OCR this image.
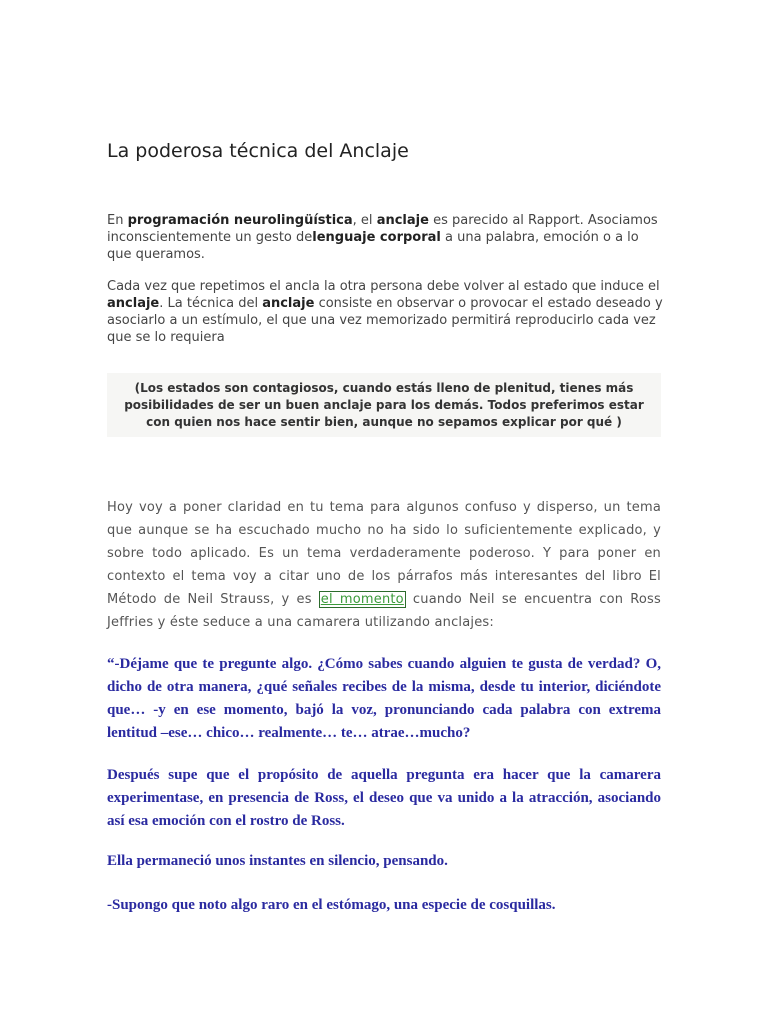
La poderosa técnica del Anclaje

En programación neurolingüística, el anclaje es parecido al Rapport. Asociamos inconscientemente un gesto delenguaje corporal a una palabra, emoción o a lo que queramos.

Cada vez que repetimos el ancla la otra persona debe volver al estado que induce el anclaje. La técnica del anclaje consiste en observar o provocar el estado deseado y asociarlo a un estímulo, el que una vez memorizado permitirá reproducirlo cada vez que se lo requiera

(Los estados son contagiosos, cuando estás lleno de plenitud, tienes más posibilidades de ser un buen anclaje para los demás. Todos preferimos estar con quien nos hace sentir bien, aunque no sepamos explicar por qué )

Hoy voy a poner claridad en tu tema para algunos confuso y disperso, un tema que aunque se ha escuchado mucho no ha sido lo suficientemente explicado, y sobre todo aplicado. Es un tema verdaderamente poderoso. Y para poner en contexto el tema voy a citar uno de los párrafos más interesantes del libro El Método de Neil Strauss, y es el momento cuando Neil se encuentra con Ross Jeffries y éste seduce a una camarera utilizando anclajes:

“-Déjame que te pregunte algo. ¿Cómo sabes cuando alguien te gusta de verdad? O, dicho de otra manera, ¿qué señales recibes de la misma, desde tu interior, diciéndote que… -y en ese momento, bajó la voz, pronunciando cada palabra con extrema lentitud –ese… chico… realmente… te… atrae…mucho?

Después supe que el propósito de aquella pregunta era hacer que la camarera experimentase, en presencia de Ross, el deseo que va unido a la atracción, asociando así esa emoción con el rostro de Ross.

Ella permaneció unos instantes en silencio, pensando.

-Supongo que noto algo raro en el estómago, una especie de cosquillas.
